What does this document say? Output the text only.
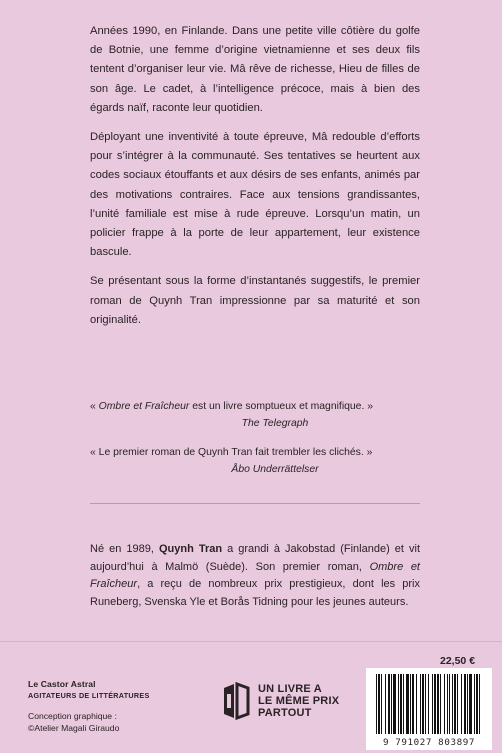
Années 1990, en Finlande. Dans une petite ville côtière du golfe de Botnie, une femme d’origine vietnamienne et ses deux fils tentent d’organiser leur vie. Mâ rêve de richesse, Hieu de filles de son âge. Le cadet, à l’intelligence précoce, mais à bien des égards naïf, raconte leur quotidien.

Déployant une inventivité à toute épreuve, Mâ redouble d’efforts pour s’intégrer à la communauté. Ses tentatives se heurtent aux codes sociaux étouffants et aux désirs de ses enfants, animés par des motivations contraires. Face aux tensions grandissantes, l’unité familiale est mise à rude épreuve. Lorsqu’un matin, un policier frappe à la porte de leur appartement, leur existence bascule.

Se présentant sous la forme d’instantanés suggestifs, le premier roman de Quynh Tran impressionne par sa maturité et son originalité.

« Ombre et Fraîcheur est un livre somptueux et magnifique. »
The Telegraph
« Le premier roman de Quynh Tran fait trembler les clichés. »
Åbo Underrättelser
Né en 1989, Quynh Tran a grandi à Jakobstad (Finlande) et vit aujourd’hui à Malmö (Suède). Son premier roman, Ombre et Fraîcheur, a reçu de nombreux prix prestigieux, dont les prix Runeberg, Svenska Yle et Borås Tidning pour les jeunes auteurs.
Le Castor Astral
AGITATEURS DE LITTÉRATURES
Conception graphique :
©Atelier Magali Giraudo
UN LIVRE A
LE MÊME PRIX
PARTOUT
22,50 €
9 791027 803897
